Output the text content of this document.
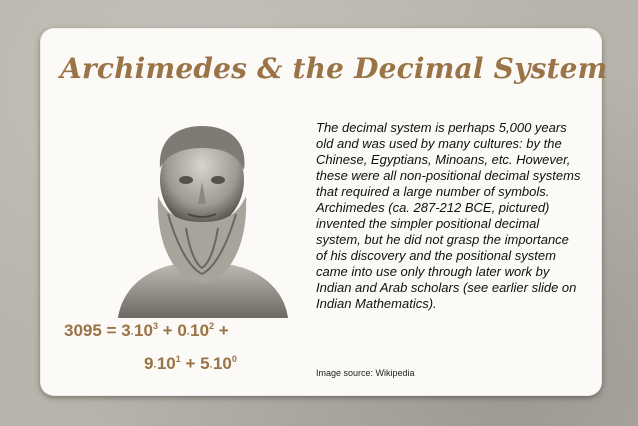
Archimedes & the Decimal System
The decimal system is perhaps 5,000 years old and was used by many cultures: by the Chinese, Egyptians, Minoans, etc. However, these were all non-positional decimal systems that required a large number of symbols. Archimedes (ca. 287-212 BCE, pictured) invented the simpler positional decimal system, but he did not grasp the importance of his discovery and the positional system came into use only through later work by Indian and Arab scholars (see earlier slide on Indian Mathematics).
Image source: Wikipedia
$3095 = 3\cdot 10^3 + 0\cdot 10^2$ +
$9\cdot 10^1 + 5\cdot 10^0$
